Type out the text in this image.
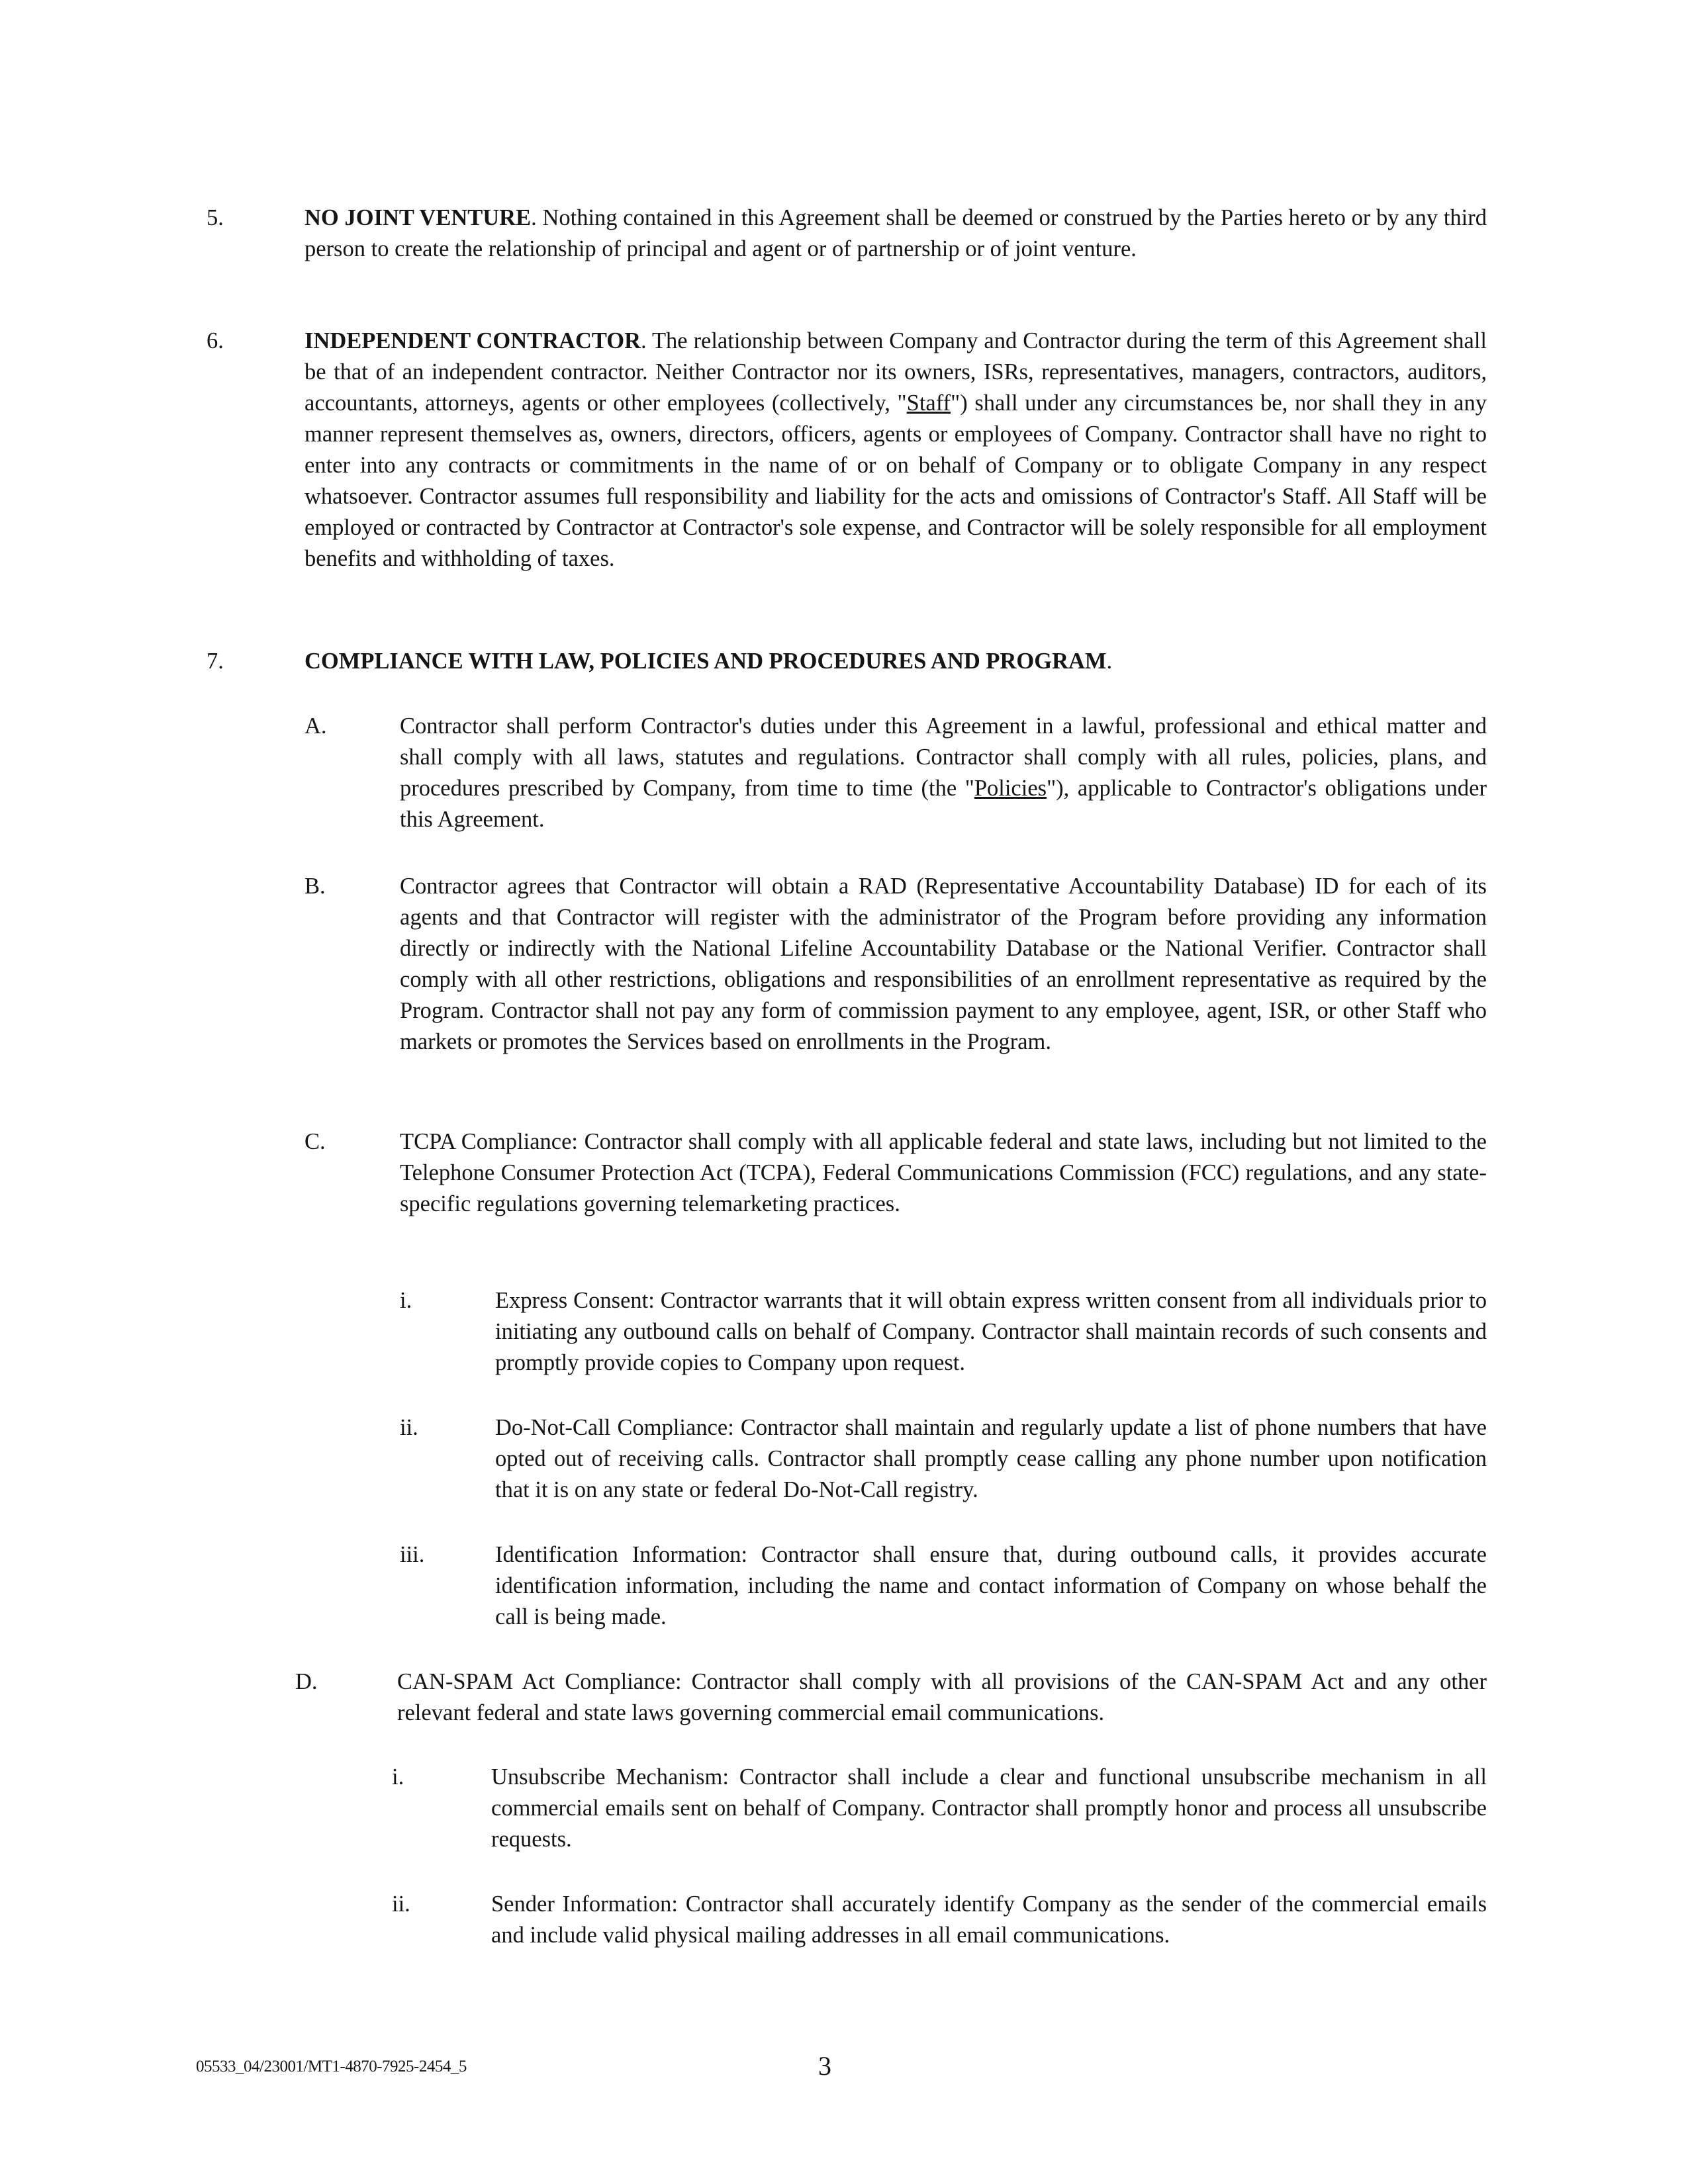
5.	NO JOINT VENTURE. Nothing contained in this Agreement shall be deemed or construed by the Parties hereto or by any third person to create the relationship of principal and agent or of partnership or of joint venture.

6.	INDEPENDENT CONTRACTOR. The relationship between Company and Contractor during the term of this Agreement shall be that of an independent contractor. Neither Contractor nor its owners, ISRs, representatives, managers, contractors, auditors, accountants, attorneys, agents or other employees (collectively, "Staff") shall under any circumstances be, nor shall they in any manner represent themselves as, owners, directors, officers, agents or employees of Company. Contractor shall have no right to enter into any contracts or commitments in the name of or on behalf of Company or to obligate Company in any respect whatsoever. Contractor assumes full responsibility and liability for the acts and omissions of Contractor's Staff. All Staff will be employed or contracted by Contractor at Contractor's sole expense, and Contractor will be solely responsible for all employment benefits and withholding of taxes.

7.	COMPLIANCE WITH LAW, POLICIES AND PROCEDURES AND PROGRAM.

A.	Contractor shall perform Contractor's duties under this Agreement in a lawful, professional and ethical matter and shall comply with all laws, statutes and regulations. Contractor shall comply with all rules, policies, plans, and procedures prescribed by Company, from time to time (the "Policies"), applicable to Contractor's obligations under this Agreement.

B.	Contractor agrees that Contractor will obtain a RAD (Representative Accountability Database) ID for each of its agents and that Contractor will register with the administrator of the Program before providing any information directly or indirectly with the National Lifeline Accountability Database or the National Verifier. Contractor shall comply with all other restrictions, obligations and responsibilities of an enrollment representative as required by the Program. Contractor shall not pay any form of commission payment to any employee, agent, ISR, or other Staff who markets or promotes the Services based on enrollments in the Program.

C.	TCPA Compliance: Contractor shall comply with all applicable federal and state laws, including but not limited to the Telephone Consumer Protection Act (TCPA), Federal Communications Commission (FCC) regulations, and any state-specific regulations governing telemarketing practices.

i.	Express Consent: Contractor warrants that it will obtain express written consent from all individuals prior to initiating any outbound calls on behalf of Company. Contractor shall maintain records of such consents and promptly provide copies to Company upon request.

ii.	Do-Not-Call Compliance: Contractor shall maintain and regularly update a list of phone numbers that have opted out of receiving calls. Contractor shall promptly cease calling any phone number upon notification that it is on any state or federal Do-Not-Call registry.

iii.	Identification Information: Contractor shall ensure that, during outbound calls, it provides accurate identification information, including the name and contact information of Company on whose behalf the call is being made.

D.	CAN-SPAM Act Compliance: Contractor shall comply with all provisions of the CAN-SPAM Act and any other relevant federal and state laws governing commercial email communications.

i.	Unsubscribe Mechanism: Contractor shall include a clear and functional unsubscribe mechanism in all commercial emails sent on behalf of Company. Contractor shall promptly honor and process all unsubscribe requests.

ii.	Sender Information: Contractor shall accurately identify Company as the sender of the commercial emails and include valid physical mailing addresses in all email communications.

05533_04/23001/MT1-4870-7925-2454_5	3
